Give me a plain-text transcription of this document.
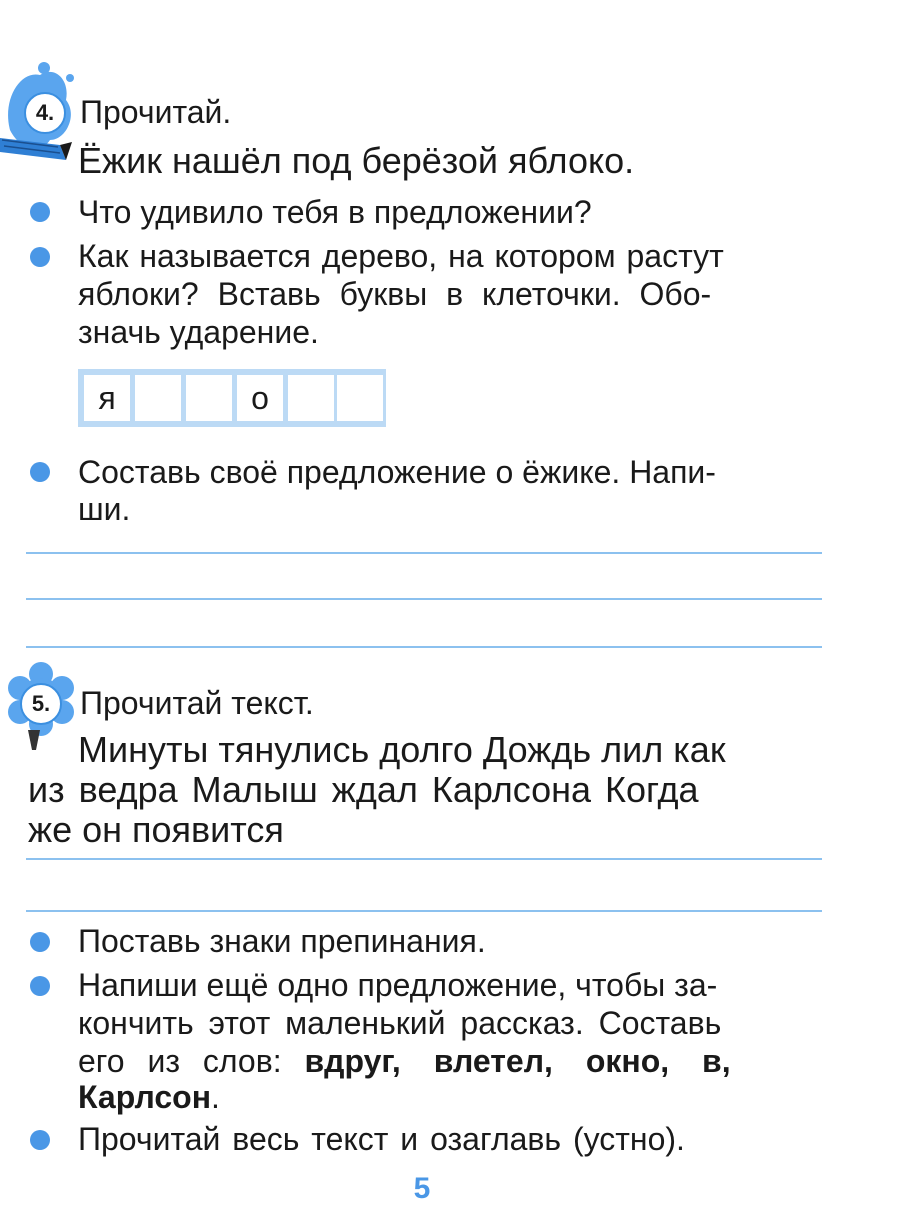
4. Прочитай.
Ёжик нашёл под берёзой яблоко.
Что удивило тебя в предложении?
Как называется дерево, на котором растут
яблоки? Вставь буквы в клеточки. Обо-
значь ударение.
я	о
Составь своё предложение о ёжике. Напи-
ши.
5. Прочитай текст.
Минуты тянулись долго Дождь лил как
из ведра Малыш ждал Карлсона Когда
же он появится
Поставь знаки препинания.
Напиши ещё одно предложение, чтобы за-
кончить этот маленький рассказ. Составь
его из слов: вдруг, влетел, окно, в,
Карлсон.
Прочитай весь текст и озаглавь (устно).
5
